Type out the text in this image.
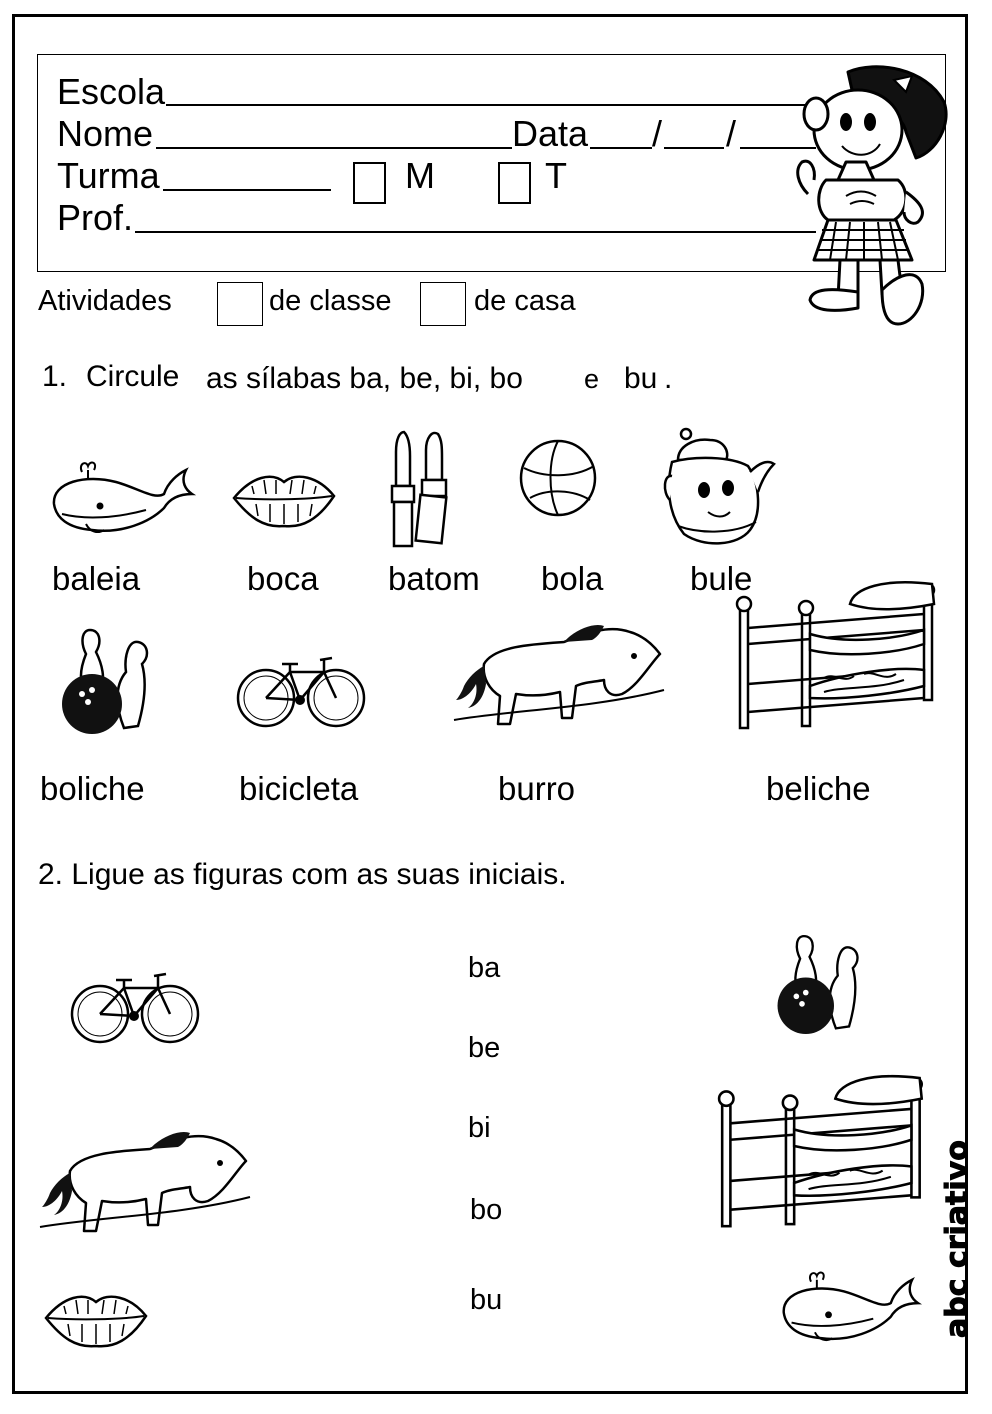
Escola
Nome	Data / /
Turma	M	T
Prof.
Atividades	de classe	de casa
1. Circule as sílabas ba, be, bi, bo e bu .
baleia	boca batom bola	bule
boliche	bicicleta	burro	beliche
2. Ligue as figuras com as suas iniciais.
ba
be
bi
bo
bu	abc criativo
